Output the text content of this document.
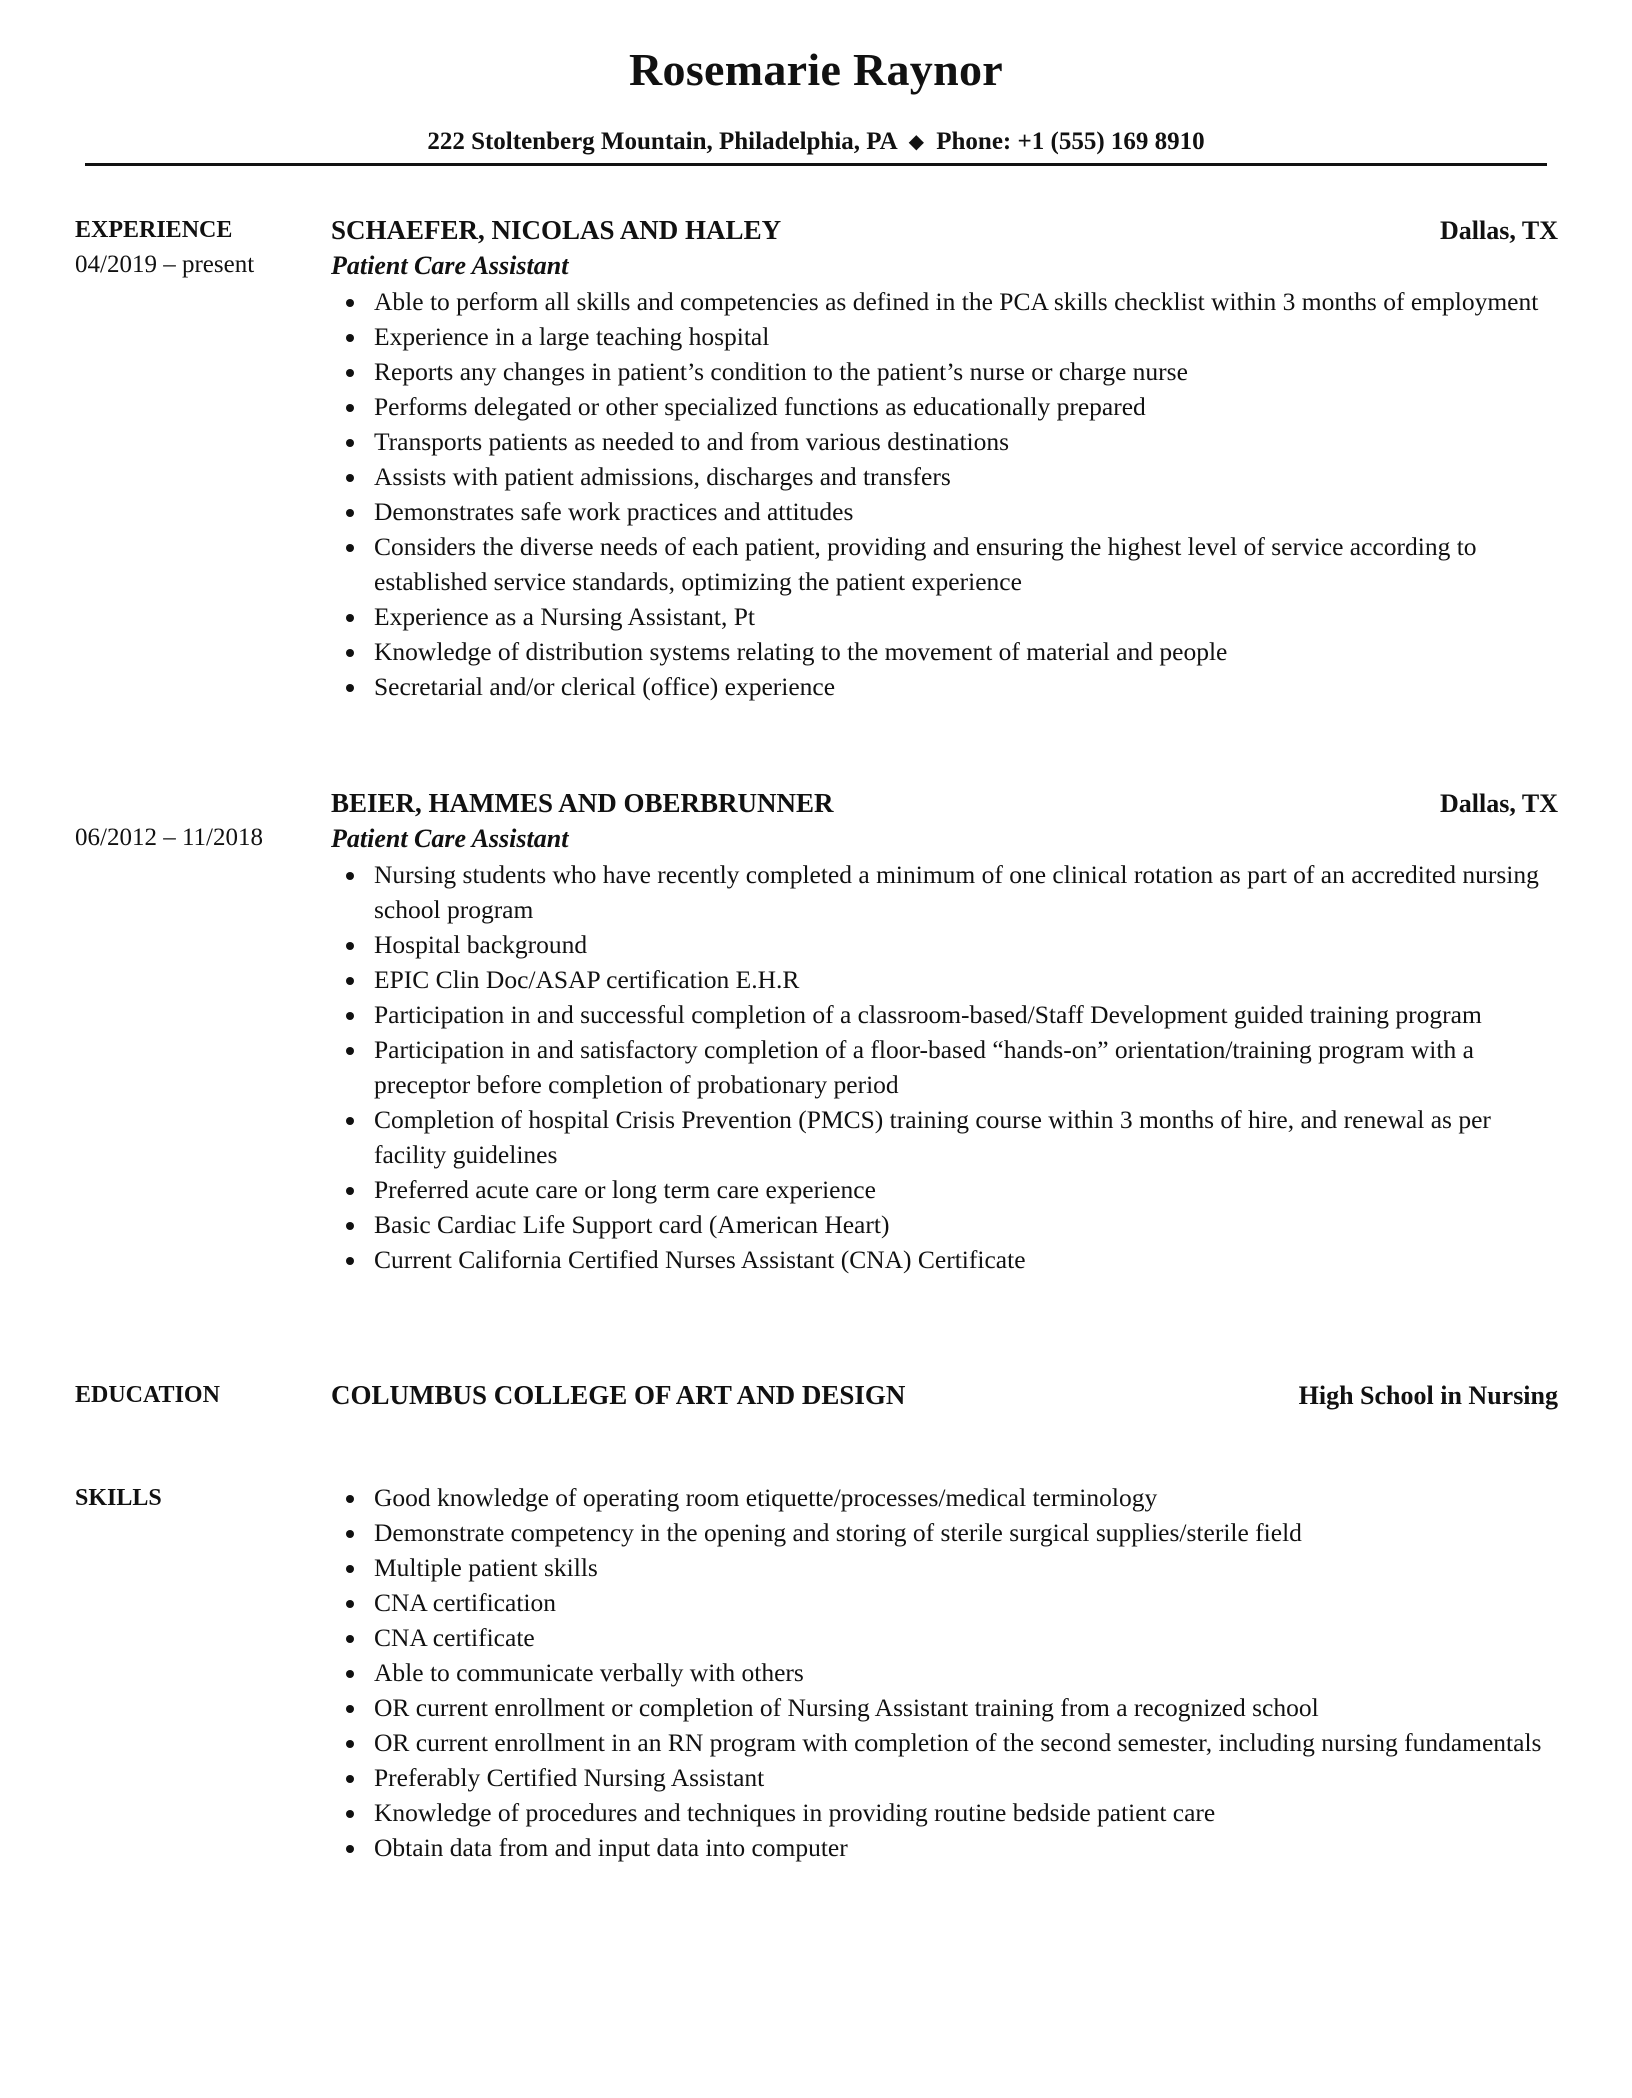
Rosemarie Raynor
222 Stoltenberg Mountain, Philadelphia, PA ◆ Phone: +1 (555) 169 8910
EXPERIENCE
04/2019 – present
SCHAEFER, NICOLAS AND HALEY	Dallas, TX
Patient Care Assistant
Able to perform all skills and competencies as defined in the PCA skills checklist within 3 months of employment
Experience in a large teaching hospital
Reports any changes in patient’s condition to the patient’s nurse or charge nurse
Performs delegated or other specialized functions as educationally prepared
Transports patients as needed to and from various destinations
Assists with patient admissions, discharges and transfers
Demonstrates safe work practices and attitudes
Considers the diverse needs of each patient, providing and ensuring the highest level of service according to established service standards, optimizing the patient experience
Experience as a Nursing Assistant, Pt
Knowledge of distribution systems relating to the movement of material and people
Secretarial and/or clerical (office) experience
06/2012 – 11/2018
BEIER, HAMMES AND OBERBRUNNER	Dallas, TX
Patient Care Assistant
Nursing students who have recently completed a minimum of one clinical rotation as part of an accredited nursing school program
Hospital background
EPIC Clin Doc/ASAP certification E.H.R
Participation in and successful completion of a classroom-based/Staff Development guided training program
Participation in and satisfactory completion of a floor-based “hands-on” orientation/training program with a preceptor before completion of probationary period
Completion of hospital Crisis Prevention (PMCS) training course within 3 months of hire, and renewal as per facility guidelines
Preferred acute care or long term care experience
Basic Cardiac Life Support card (American Heart)
Current California Certified Nurses Assistant (CNA) Certificate
EDUCATION	COLUMBUS COLLEGE OF ART AND DESIGN	High School in Nursing
SKILLS	Good knowledge of operating room etiquette/processes/medical terminology
Demonstrate competency in the opening and storing of sterile surgical supplies/sterile field
Multiple patient skills
CNA certification
CNA certificate
Able to communicate verbally with others
OR current enrollment or completion of Nursing Assistant training from a recognized school
OR current enrollment in an RN program with completion of the second semester, including nursing fundamentals
Preferably Certified Nursing Assistant
Knowledge of procedures and techniques in providing routine bedside patient care
Obtain data from and input data into computer
